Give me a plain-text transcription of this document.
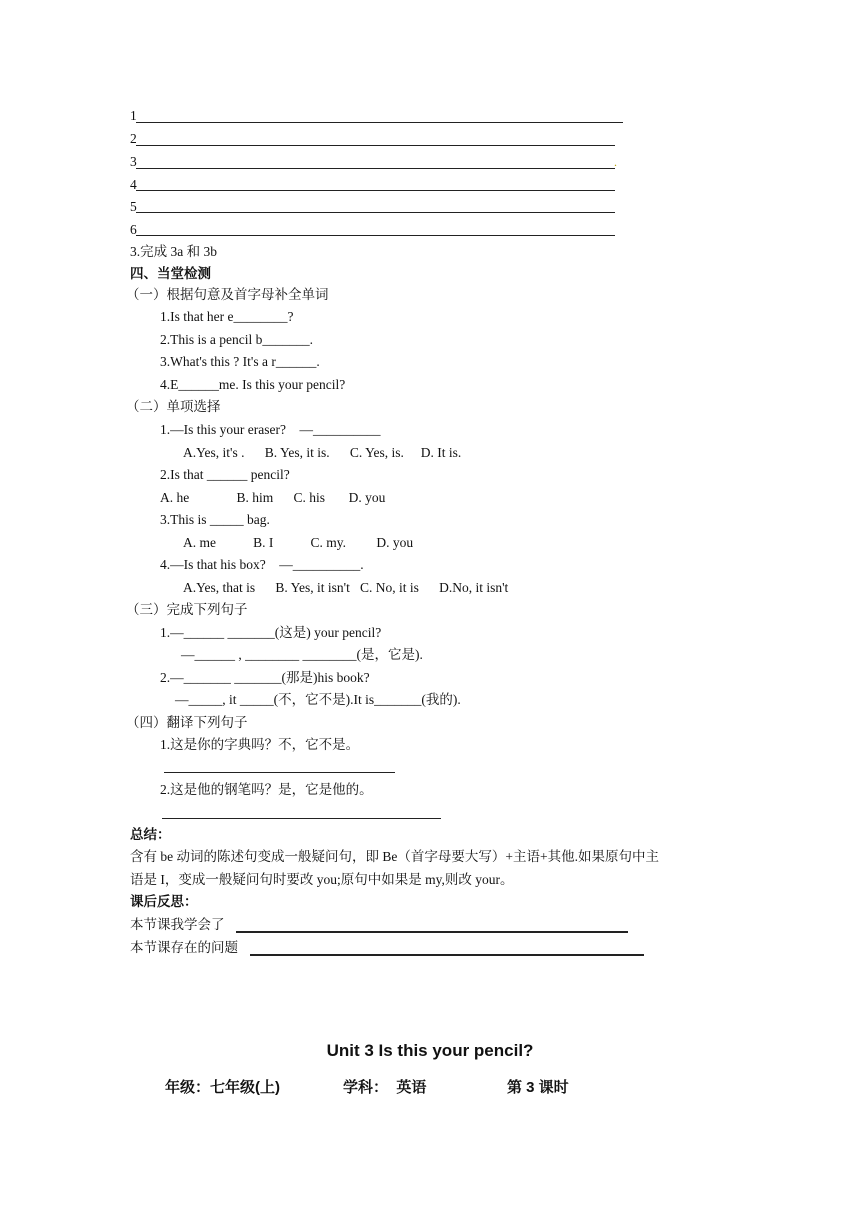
1
2
3	.
4
5
6
3.完成 3a 和 3b
四、当堂检测
（一）根据句意及首字母补全单词
1.Is that her e________?
2.This is a pencil b_______.
3.What's this ? It's a r______.
4.E______me. Is this your pencil?
（二）单项选择
1.—Is this your eraser?    —__________
A.Yes, it's .      B. Yes, it is.      C. Yes, is.     D. It is.
2.Is that ______ pencil?
A. he              B. him      C. his       D. you
3.This is _____ bag.
A. me           B. I           C. my.         D. you
4.—Is that his box?    —__________.
A.Yes, that is      B. Yes, it isn't   C. No, it is      D.No, it isn't
（三）完成下列句子
1.—______ _______(这是) your pencil?
—______ , ________ ________(是，它是).
2.—_______ _______(那是)his book?
—_____, it _____(不，它不是).It is_______(我的).
（四）翻译下列句子
1.这是你的字典吗？不，它不是。
2.这是他的钢笔吗？是，它是他的。
总结：
含有 be 动词的陈述句变成一般疑问句，即 Be（首字母要大写）+主语+其他.如果原句中主
语是 I，变成一般疑问句时要改 you;原句中如果是 my,则改 your。
课后反思：
本节课我学会了
本节课存在的问题
Unit 3 Is this your pencil?
年级：七年级(上)	学科：  英语	第 3 课时
